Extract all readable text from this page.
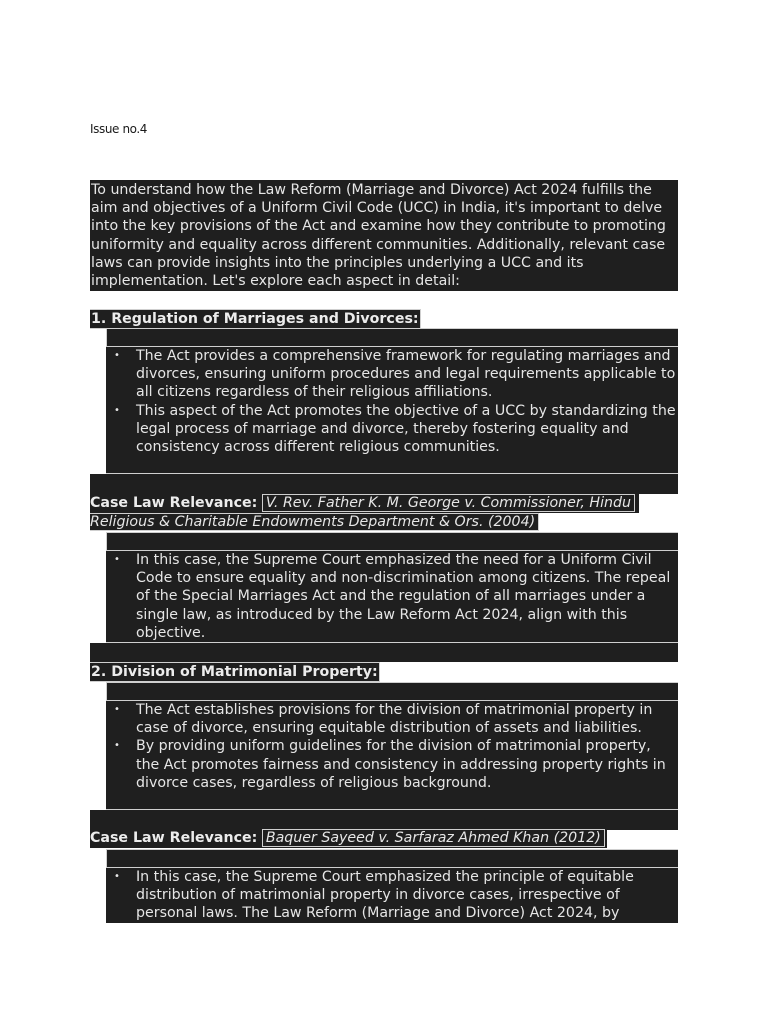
Issue no.4
To understand how the Law Reform (Marriage and Divorce) Act 2024 fulfills the aim and objectives of a Uniform Civil Code (UCC) in India, it's important to delve into the key provisions of the Act and examine how they contribute to promoting uniformity and equality across different communities. Additionally, relevant case laws can provide insights into the principles underlying a UCC and its implementation. Let's explore each aspect in detail:
1. Regulation of Marriages and Divorces:
• The Act provides a comprehensive framework for regulating marriages and divorces, ensuring uniform procedures and legal requirements applicable to all citizens regardless of their religious affiliations.
• This aspect of the Act promotes the objective of a UCC by standardizing the legal process of marriage and divorce, thereby fostering equality and consistency across different religious communities.
Case Law Relevance: V. Rev. Father K. M. George v. Commissioner, Hindu
Religious & Charitable Endowments Department & Ors. (2004)
• In this case, the Supreme Court emphasized the need for a Uniform Civil Code to ensure equality and non-discrimination among citizens. The repeal of the Special Marriages Act and the regulation of all marriages under a single law, as introduced by the Law Reform Act 2024, align with this objective.
2. Division of Matrimonial Property:
• The Act establishes provisions for the division of matrimonial property in case of divorce, ensuring equitable distribution of assets and liabilities.
• By providing uniform guidelines for the division of matrimonial property, the Act promotes fairness and consistency in addressing property rights in divorce cases, regardless of religious background.
Case Law Relevance: Baquer Sayeed v. Sarfaraz Ahmed Khan (2012)
• In this case, the Supreme Court emphasized the principle of equitable distribution of matrimonial property in divorce cases, irrespective of personal laws. The Law Reform (Marriage and Divorce) Act 2024, by
